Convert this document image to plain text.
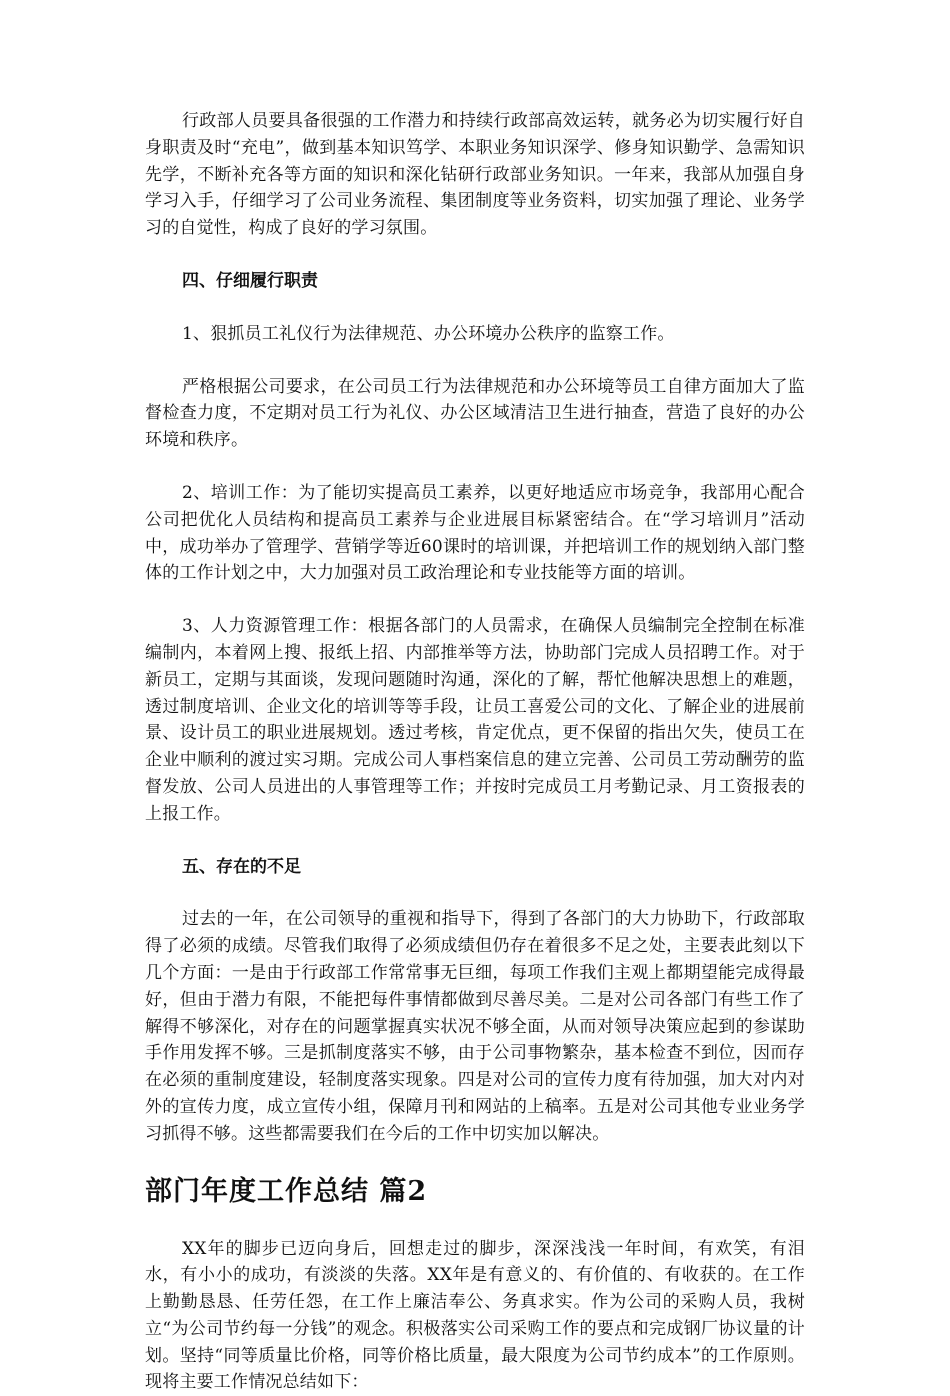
行政部人员要具备很强的工作潜力和持续行政部高效运转，就务必为切实履行好自身职责及时“充电”，做到基本知识笃学、本职业务知识深学、修身知识勤学、急需知识先学，不断补充各等方面的知识和深化钻研行政部业务知识。一年来，我部从加强自身学习入手，仔细学习了公司业务流程、集团制度等业务资料，切实加强了理论、业务学习的自觉性，构成了良好的学习氛围。

四、仔细履行职责

1、狠抓员工礼仪行为法律规范、办公环境办公秩序的监察工作。

严格根据公司要求，在公司员工行为法律规范和办公环境等员工自律方面加大了监督检查力度，不定期对员工行为礼仪、办公区域清洁卫生进行抽查，营造了良好的办公环境和秩序。

2、培训工作：为了能切实提高员工素养，以更好地适应市场竞争，我部用心配合公司把优化人员结构和提高员工素养与企业进展目标紧密结合。在“学习培训月”活动中，成功举办了管理学、营销学等近60课时的培训课，并把培训工作的规划纳入部门整体的工作计划之中，大力加强对员工政治理论和专业技能等方面的培训。

3、人力资源管理工作：根据各部门的人员需求，在确保人员编制完全控制在标准编制内，本着网上搜、报纸上招、内部推举等方法，协助部门完成人员招聘工作。对于新员工，定期与其面谈，发现问题随时沟通，深化的了解，帮忙他解决思想上的难题，透过制度培训、企业文化的培训等等手段，让员工喜爱公司的文化、了解企业的进展前景、设计员工的职业进展规划。透过考核，肯定优点，更不保留的指出欠失，使员工在企业中顺利的渡过实习期。完成公司人事档案信息的建立完善、公司员工劳动酬劳的监督发放、公司人员进出的人事管理等工作；并按时完成员工月考勤记录、月工资报表的上报工作。

五、存在的不足

过去的一年，在公司领导的重视和指导下，得到了各部门的大力协助下，行政部取得了必须的成绩。尽管我们取得了必须成绩但仍存在着很多不足之处，主要表此刻以下几个方面：一是由于行政部工作常常事无巨细，每项工作我们主观上都期望能完成得最好，但由于潜力有限，不能把每件事情都做到尽善尽美。二是对公司各部门有些工作了解得不够深化，对存在的问题掌握真实状况不够全面，从而对领导决策应起到的参谋助手作用发挥不够。三是抓制度落实不够，由于公司事物繁杂，基本检查不到位，因而存在必须的重制度建设，轻制度落实现象。四是对公司的宣传力度有待加强，加大对内对外的宣传力度，成立宣传小组，保障月刊和网站的上稿率。五是对公司其他专业业务学习抓得不够。这些都需要我们在今后的工作中切实加以解决。

部门年度工作总结 篇2

XX年的脚步已迈向身后，回想走过的脚步，深深浅浅一年时间，有欢笑，有泪水，有小小的成功，有淡淡的失落。XX年是有意义的、有价值的、有收获的。在工作上勤勤恳恳、任劳任怨，在工作上廉洁奉公、务真求实。作为公司的采购人员，我树立“为公司节约每一分钱”的观念。积极落实公司采购工作的要点和完成钢厂协议量的计划。坚持“同等质量比价格，同等价格比质量，最大限度为公司节约成本”的工作原则。现将主要工作情况总结如下：
